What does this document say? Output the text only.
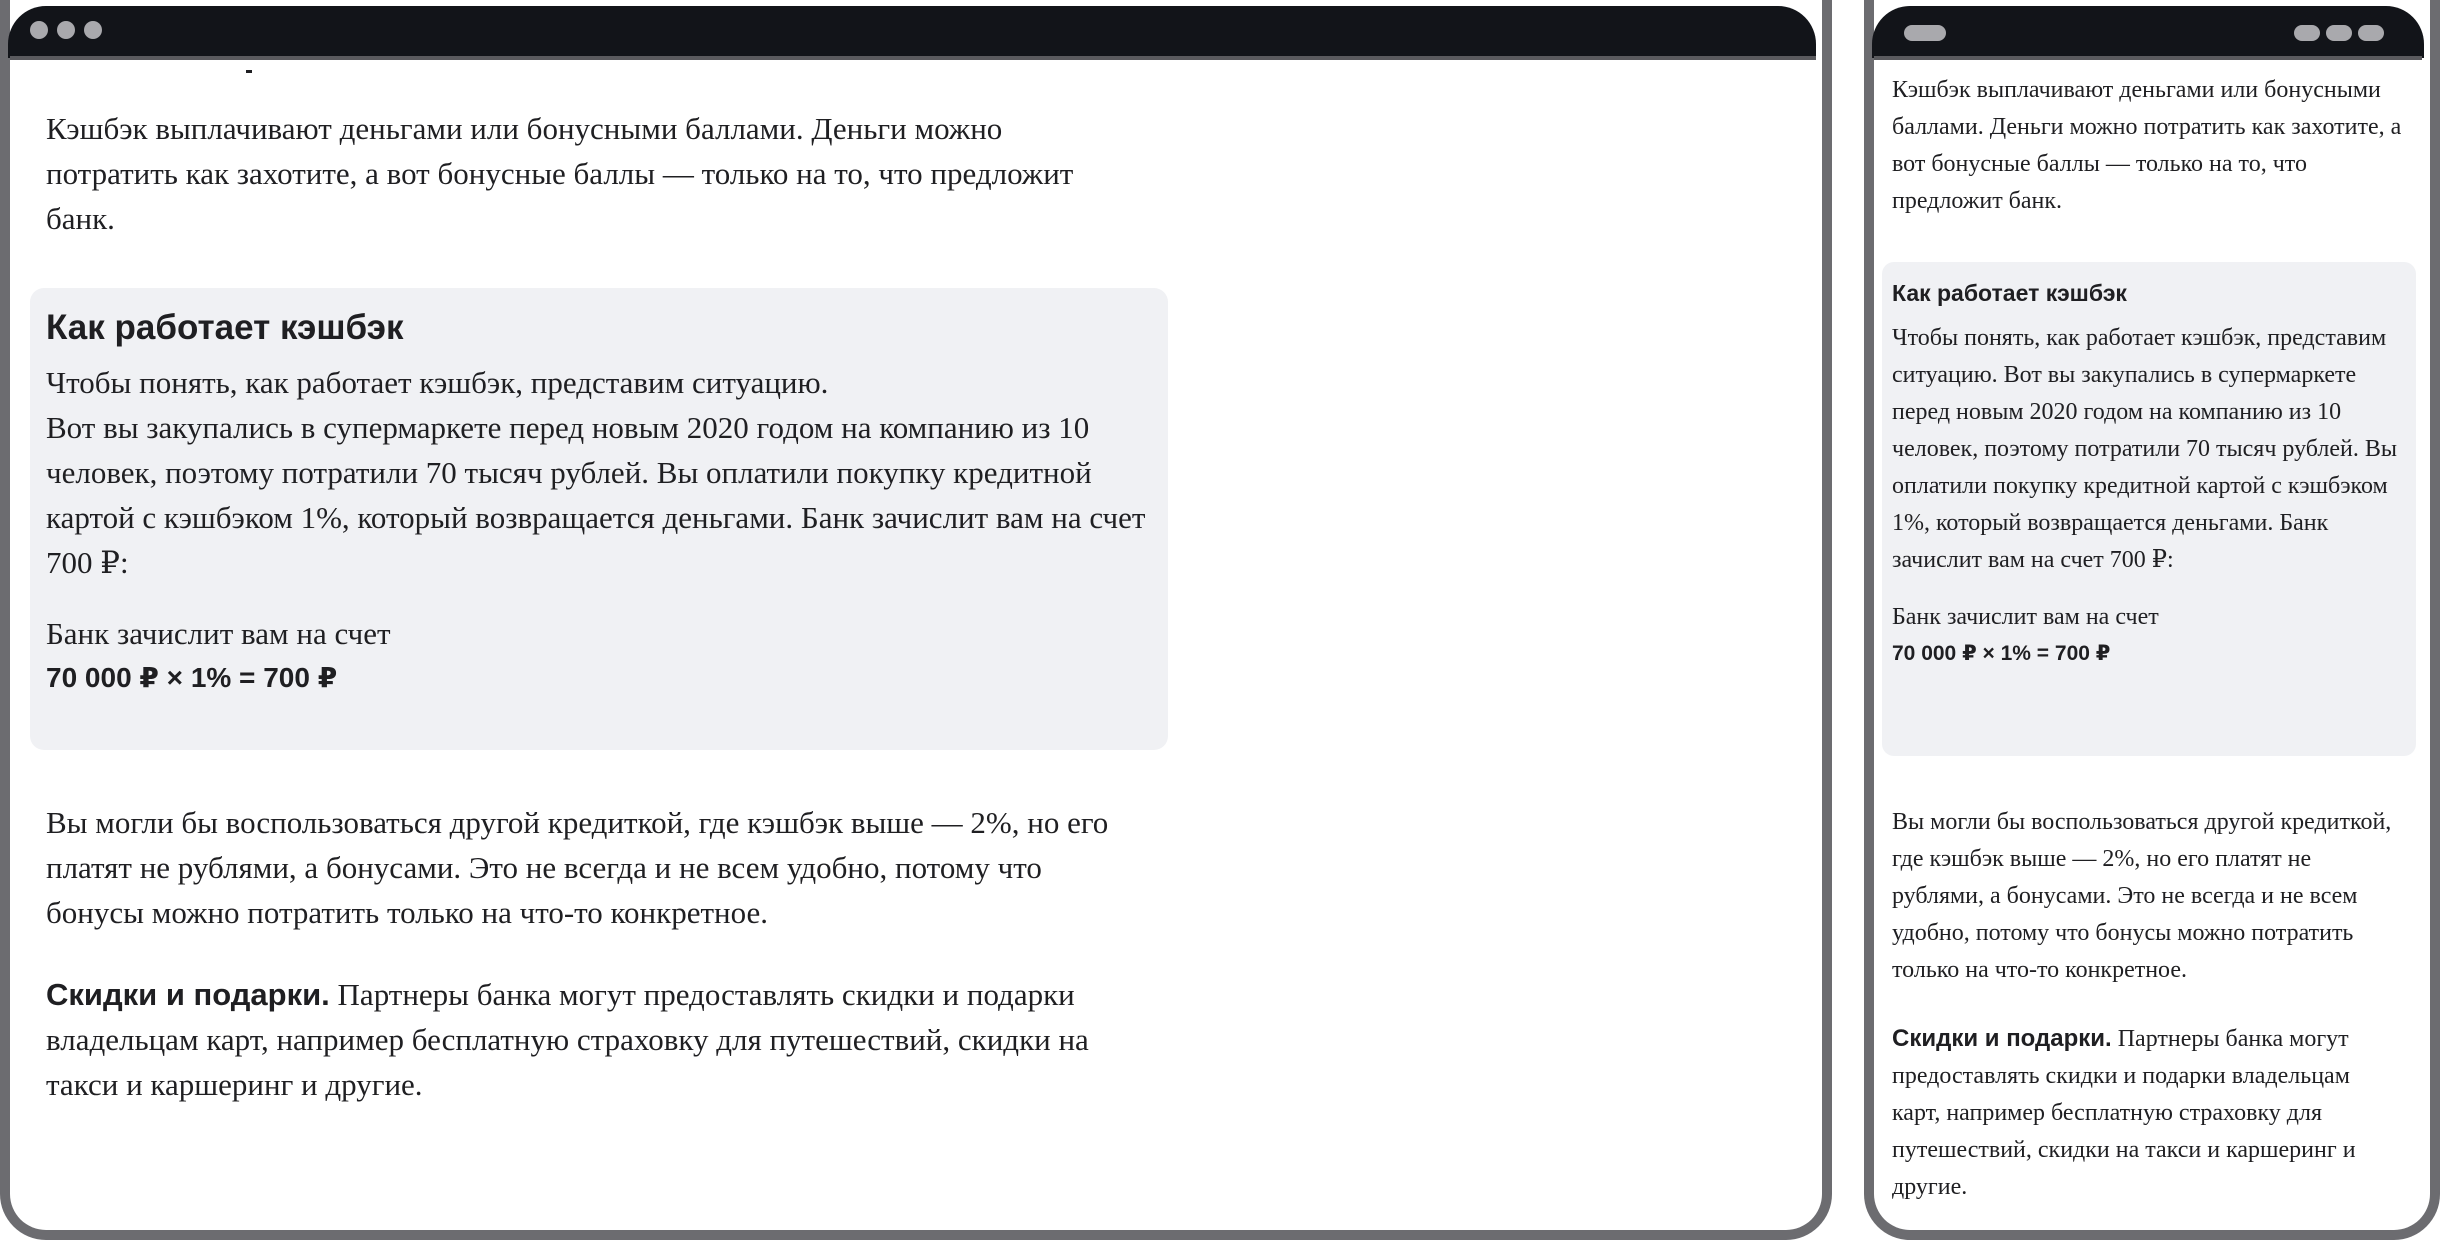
Кэшбэк выплачивают деньгами или бонусными баллами. Деньги можно потратить как захотите, а вот бонусные баллы — только на то, что предложит банк.

Как работает кэшбэк

Чтобы понять, как работает кэшбэк, представим ситуацию.

Вот вы закупались в супермаркете перед новым 2020 годом на компанию из 10 человек, поэтому потратили 70 тысяч рублей. Вы оплатили покупку кредитной картой с кэшбэком 1%, который возвращается деньгами. Банк зачислит вам на счет 700 ₽:

Банк зачислит вам на счет

70 000 ₽ × 1% = 700 ₽

Вы могли бы воспользоваться другой кредиткой, где кэшбэк выше — 2%, но его платят не рублями, а бонусами. Это не всегда и не всем удобно, потому что бонусы можно потратить только на что-то конкретное.

Скидки и подарки. Партнеры банка могут предоставлять скидки и подарки владельцам карт, например бесплатную страховку для путешествий, скидки на такси и каршеринг и другие.

Кэшбэк выплачивают деньгами или бонусными баллами. Деньги можно потратить как захотите, а вот бонусные баллы — только на то, что предложит банк.

Как работает кэшбэк

Чтобы понять, как работает кэшбэк, представим ситуацию. Вот вы закупались в супермаркете перед новым 2020 годом на компанию из 10 человек, поэтому потратили 70 тысяч рублей. Вы оплатили покупку кредитной картой с кэшбэком 1%, который возвращается деньгами. Банк зачислит вам на счет 700 ₽:

Банк зачислит вам на счет

70 000 ₽ × 1% = 700 ₽

Вы могли бы воспользоваться другой кредиткой, где кэшбэк выше — 2%, но его платят не рублями, а бонусами. Это не всегда и не всем удобно, потому что бонусы можно потратить только на что-то конкретное.

Скидки и подарки. Партнеры банка могут предоставлять скидки и подарки владельцам карт, например бесплатную страховку для путешествий, скидки на такси и каршеринг и другие.
